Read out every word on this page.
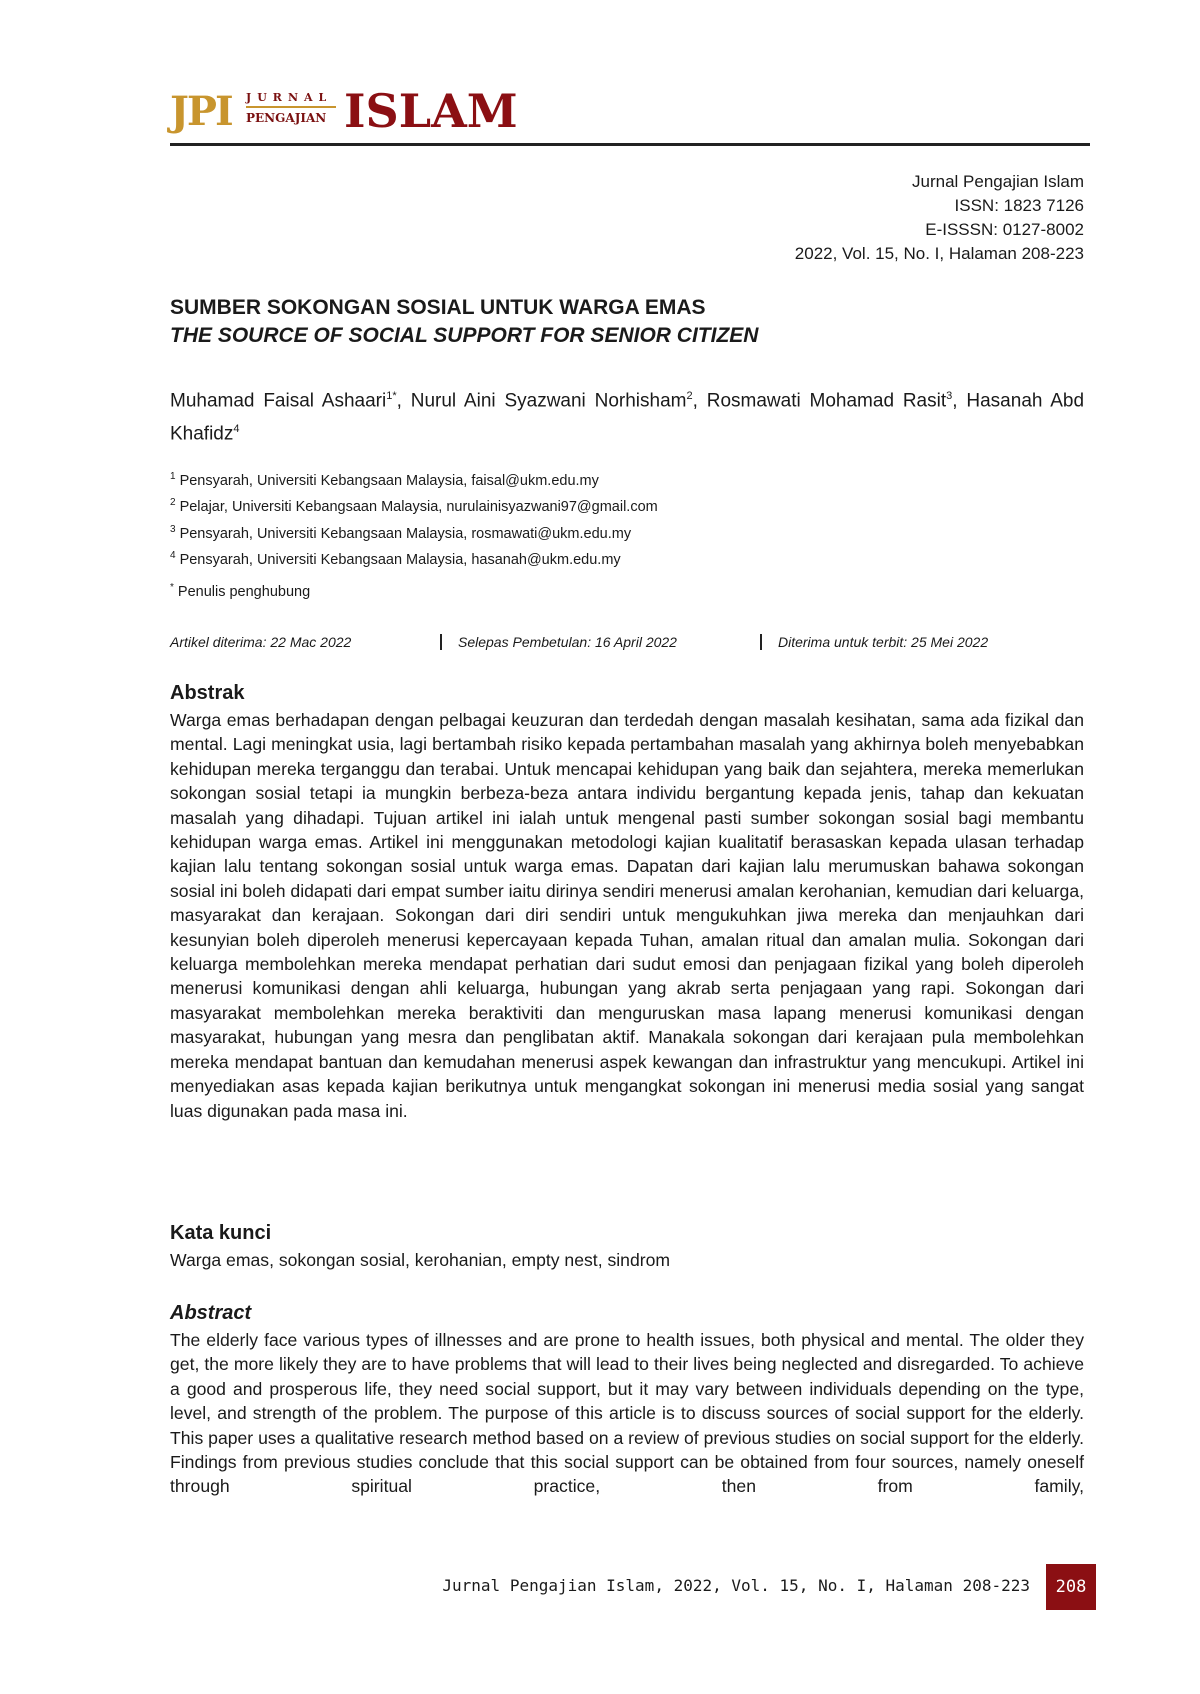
JPI JURNAL
PENGAJIAN ISLAM
Jurnal Pengajian Islam
ISSN: 1823 7126
E-ISSSN: 0127-8002
2022, Vol. 15, No. I, Halaman 208-223
SUMBER SOKONGAN SOSIAL UNTUK WARGA EMAS
THE SOURCE OF SOCIAL SUPPORT FOR SENIOR CITIZEN
Muhamad Faisal Ashaari$^{1*}$, Nurul Aini Syazwani Norhisham$^2$, Rosmawati Mohamad Rasit$^3$, Hasanah Abd Khafidz$^4$
$^1$ Pensyarah, Universiti Kebangsaan Malaysia, faisal@ukm.edu.my
$^2$ Pelajar, Universiti Kebangsaan Malaysia, nurulainisyazwani97@gmail.com
$^3$ Pensyarah, Universiti Kebangsaan Malaysia, rosmawati@ukm.edu.my
$^4$ Pensyarah, Universiti Kebangsaan Malaysia, hasanah@ukm.edu.my
* Penulis penghubung
Artikel diterima: 22 Mac 2022	Selepas Pembetulan: 16 April 2022	Diterima untuk terbit: 25 Mei 2022
Abstrak

Warga emas berhadapan dengan pelbagai keuzuran dan terdedah dengan masalah kesihatan, sama ada fizikal dan mental. Lagi meningkat usia, lagi bertambah risiko kepada pertambahan masalah yang akhirnya boleh menyebabkan kehidupan mereka terganggu dan terabai. Untuk mencapai kehidupan yang baik dan sejahtera, mereka memerlukan sokongan sosial tetapi ia mungkin berbeza-beza antara individu bergantung kepada jenis, tahap dan kekuatan masalah yang dihadapi. Tujuan artikel ini ialah untuk mengenal pasti sumber sokongan sosial bagi membantu kehidupan warga emas. Artikel ini menggunakan metodologi kajian kualitatif berasaskan kepada ulasan terhadap kajian lalu tentang sokongan sosial untuk warga emas. Dapatan dari kajian lalu merumuskan bahawa sokongan sosial ini boleh didapati dari empat sumber iaitu dirinya sendiri menerusi amalan kerohanian, kemudian dari keluarga, masyarakat dan kerajaan. Sokongan dari diri sendiri untuk mengukuhkan jiwa mereka dan menjauhkan dari kesunyian boleh diperoleh menerusi kepercayaan kepada Tuhan, amalan ritual dan amalan mulia. Sokongan dari keluarga membolehkan mereka mendapat perhatian dari sudut emosi dan penjagaan fizikal yang boleh diperoleh menerusi komunikasi dengan ahli keluarga, hubungan yang akrab serta penjagaan yang rapi. Sokongan dari masyarakat membolehkan mereka beraktiviti dan menguruskan masa lapang menerusi komunikasi dengan masyarakat, hubungan yang mesra dan penglibatan aktif. Manakala sokongan dari kerajaan pula membolehkan mereka mendapat bantuan dan kemudahan menerusi aspek kewangan dan infrastruktur yang mencukupi. Artikel ini menyediakan asas kepada kajian berikutnya untuk mengangkat sokongan ini menerusi media sosial yang sangat luas digunakan pada masa ini.

Kata kunci
Warga emas, sokongan sosial, kerohanian, empty nest, sindrom
Abstract

The elderly face various types of illnesses and are prone to health issues, both physical and mental. The older they get, the more likely they are to have problems that will lead to their lives being neglected and disregarded. To achieve a good and prosperous life, they need social support, but it may vary between individuals depending on the type, level, and strength of the problem. The purpose of this article is to discuss sources of social support for the elderly. This paper uses a qualitative research method based on a review of previous studies on social support for the elderly. Findings from previous studies conclude that this social support can be obtained from four sources, namely oneself through spiritual practice, then from family,

Jurnal Pengajian Islam, 2022, Vol. 15, No. I, Halaman 208-223	208
